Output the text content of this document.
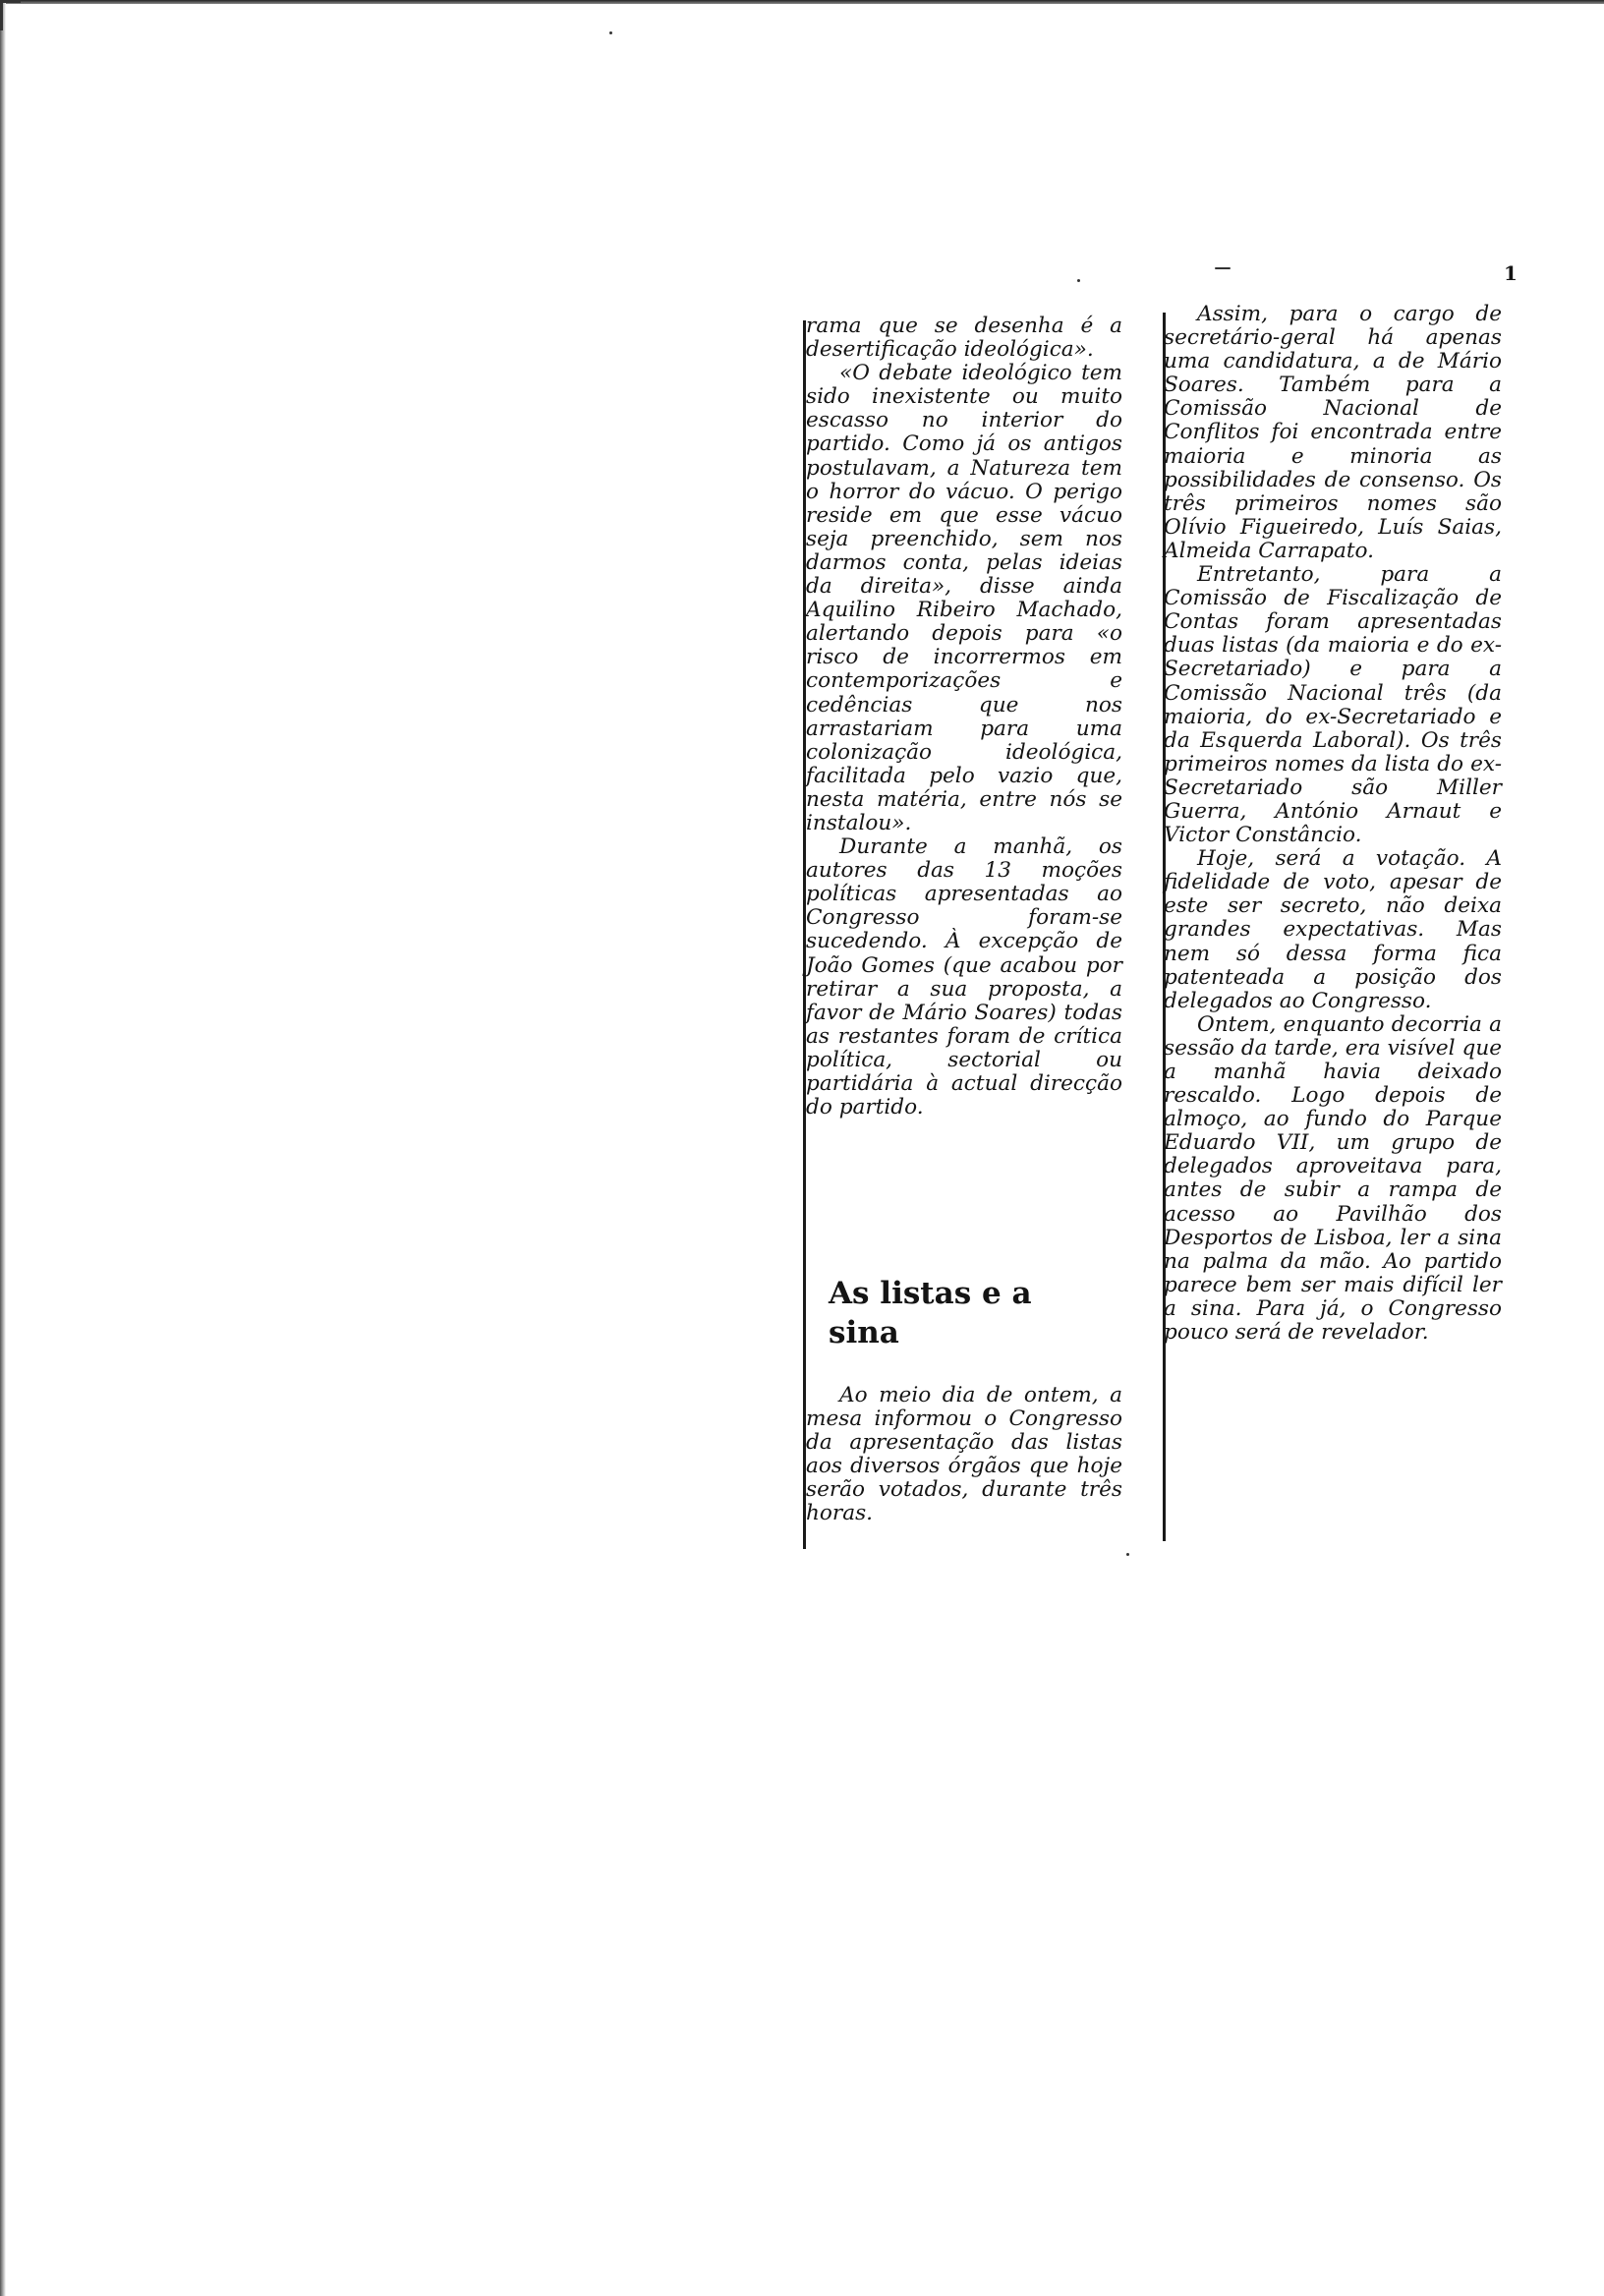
1

rama que se desenha é a desertificação ideológica».

«O debate ideológico tem sido inexistente ou muito escasso no interior do partido. Como já os antigos postulavam, a Natureza tem o horror do vácuo. O perigo reside em que esse vácuo seja preenchido, sem nos darmos conta, pelas ideias da direita», disse ainda Aquilino Ribeiro Machado, alertando depois para «o risco de incorrermos em contemporizações e cedências que nos arrastariam para uma colonização ideológica, facilitada pelo vazio que, nesta matéria, entre nós se instalou».

Durante a manhã, os autores das 13 moções políticas apresentadas ao Congresso foram-se sucedendo. À excepção de João Gomes (que acabou por retirar a sua proposta, a favor de Mário Soares) todas as restantes foram de crítica política, sectorial ou partidária à actual direcção do partido.

As listas e a sina

Ao meio dia de ontem, a mesa informou o Congresso da apresentação das listas aos diversos órgãos que hoje serão votados, durante três horas.

Assim, para o cargo de secretário-geral há apenas uma candidatura, a de Mário Soares. Também para a Comissão Nacional de Conflitos foi encontrada entre maioria e minoria as possibilidades de consenso. Os três primeiros nomes são Olívio Figueiredo, Luís Saias, Almeida Carrapato.

Entretanto, para a Comissão de Fiscalização de Contas foram apresentadas duas listas (da maioria e do ex-Secretariado) e para a Comissão Nacional três (da maioria, do ex-Secretariado e da Esquerda Laboral). Os três primeiros nomes da lista do ex-Secretariado são Miller Guerra, António Arnaut e Victor Constâncio.

Hoje, será a votação. A fidelidade de voto, apesar de este ser secreto, não deixa grandes expectativas. Mas nem só dessa forma fica patenteada a posição dos delegados ao Congresso.

Ontem, enquanto decorria a sessão da tarde, era visível que a manhã havia deixado rescaldo. Logo depois de almoço, ao fundo do Parque Eduardo VII, um grupo de delegados aproveitava para, antes de subir a rampa de acesso ao Pavilhão dos Desportos de Lisboa, ler a sina na palma da mão. Ao partido parece bem ser mais difícil ler a sina. Para já, o Congresso pouco será de revelador.
